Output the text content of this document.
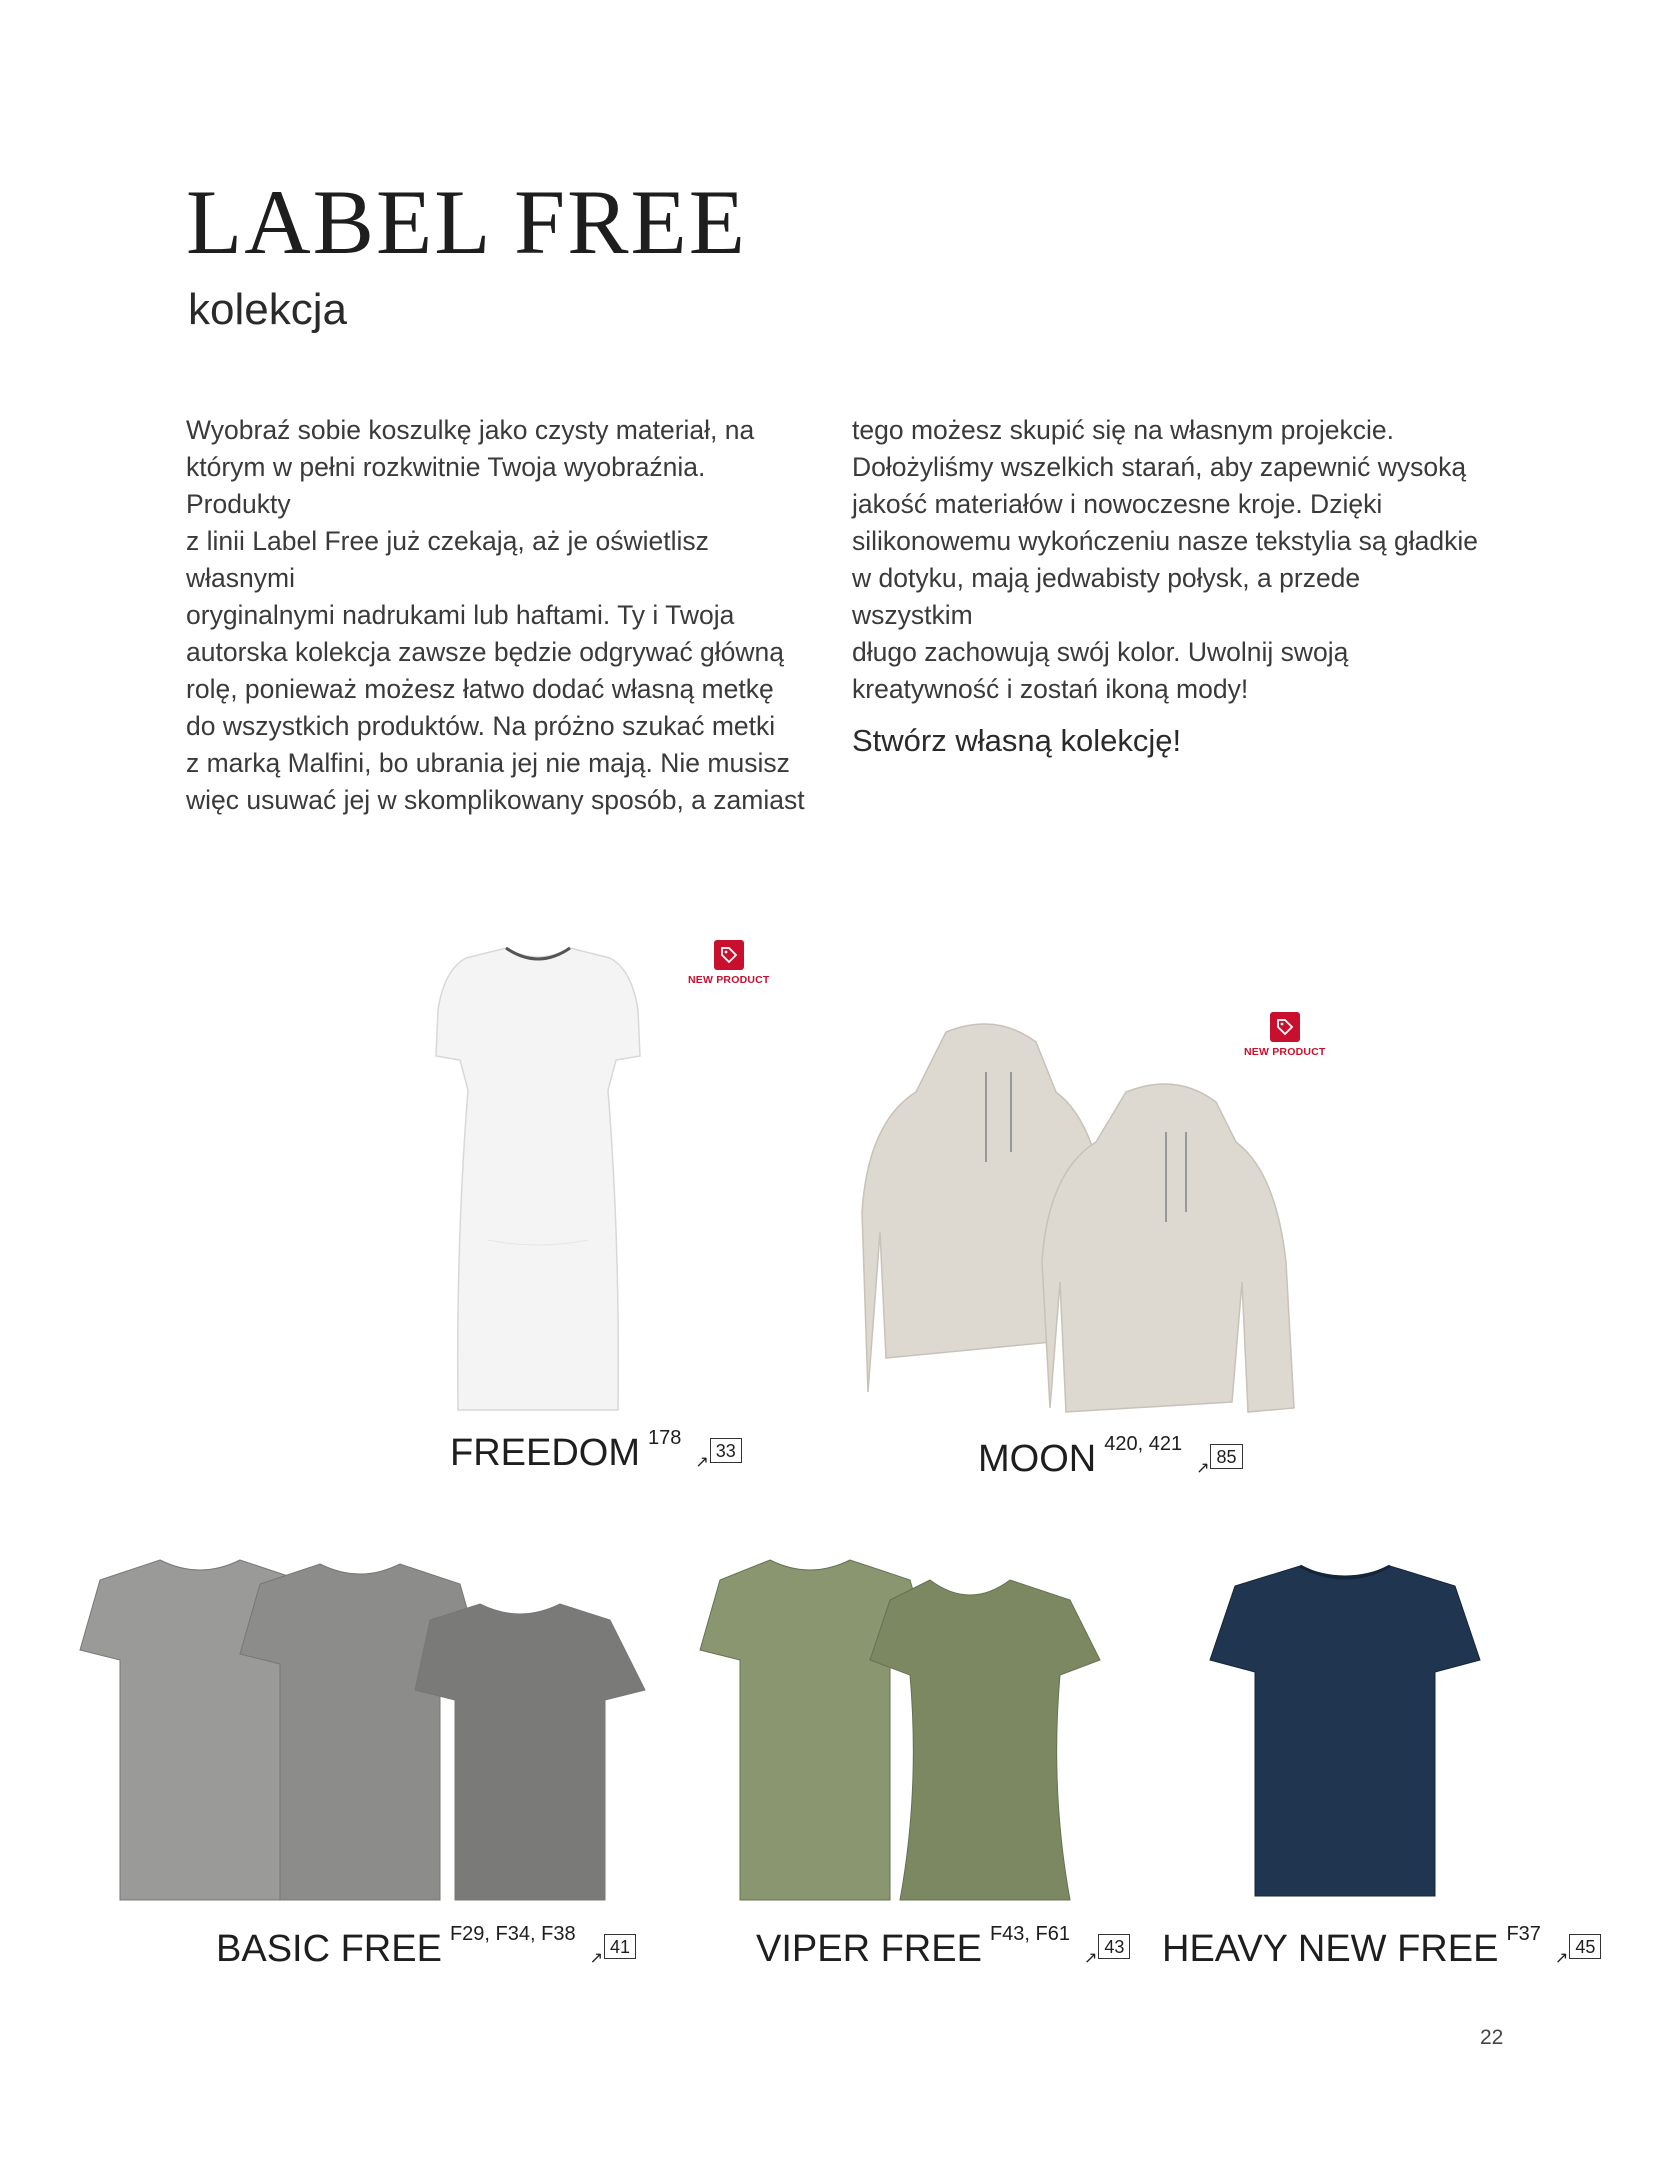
LABEL FREE
kolekcja

Wyobraź sobie koszulkę jako czysty materiał, na

którym w pełni rozkwitnie Twoja wyobraźnia. Produkty

z linii Label Free już czekają, aż je oświetlisz własnymi

oryginalnymi nadrukami lub haftami. Ty i Twoja

autorska kolekcja zawsze będzie odgrywać główną

rolę, ponieważ możesz łatwo dodać własną metkę

do wszystkich produktów. Na próżno szukać metki

z marką Malfini, bo ubrania jej nie mają. Nie musisz

więc usuwać jej w skomplikowany sposób, a zamiast

tego możesz skupić się na własnym projekcie.

Dołożyliśmy wszelkich starań, aby zapewnić wysoką

jakość materiałów i nowoczesne kroje. Dzięki

silikonowemu wykończeniu nasze tekstylia są gładkie

w dotyku, mają jedwabisty połysk, a przede wszystkim

długo zachowują swój kolor. Uwolnij swoją

kreatywność i zostań ikoną mody!

Stwórz własną kolekcję!

NEW PRODUCT
FREEDOM $^{178}$
↗
33
NEW PRODUCT
MOON $^{420, 421}$
↗
85
BASIC FREE $^{F29, F34, F38}$
↗
41	VIPER FREE $^{F43, F61}$
↗
43 HEAVY NEW FREE $^{F37}$
↗
45
22
